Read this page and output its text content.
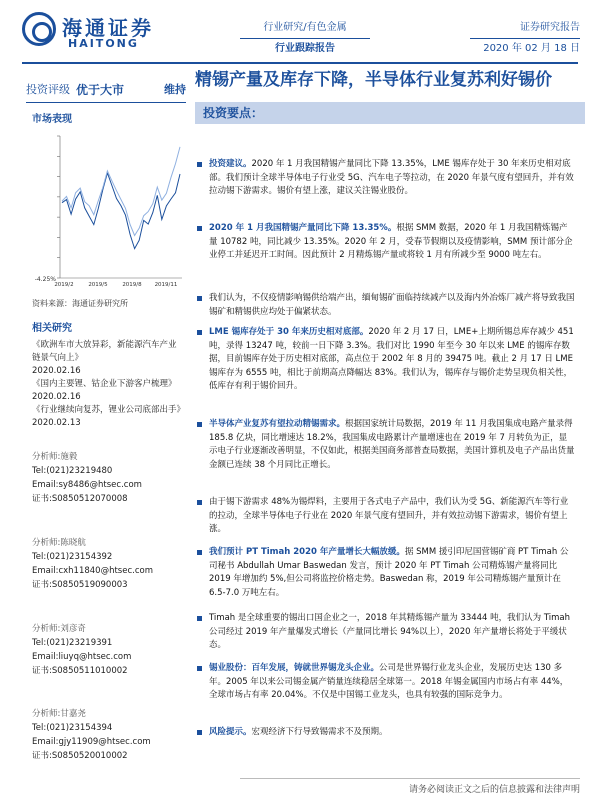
海通证券
HAITONG
行业研究/有色金属
行业跟踪报告
证券研究报告
2020 年 02 月 18 日
投资评级 优于大市	维持
市场表现
-4.25%
2019/2	2019/5	2019/8 2019/11
资料来源：海通证券研究所
相关研究
《欧洲车市大放异彩，新能源汽车产业链景气向上》
2020.02.16
《国内主要锂、钴企业下游客户梳理》
2020.02.16
《行业继续向复苏，锂业公司底部出手》
2020.02.13
分析师:施毅
Tel:(021)23219480
Email:sy8486@htsec.com
证书:S0850512070008
分析师:陈晓航
Tel:(021)23154392
Email:cxh11840@htsec.com
证书:S0850519090003
分析师:刘彦奇
Tel:(021)23219391
Email:liuyq@htsec.com
证书:S0850511010002
分析师:甘嘉尧
Tel:(021)23154394
Email:gjy11909@htsec.com
证书:S0850520010002
精锡产量及库存下降，半导体行业复苏利好锡价
投资要点：
投资建议。2020 年 1 月我国精锡产量同比下降 13.35%，LME 锡库存处于 30 年来历史相对底部。我们预计全球半导体电子行业受 5G、汽车电子等拉动，在 2020 年景气度有望回升，并有效拉动锡下游需求。锡价有望上涨，建议关注锡业股份。
2020 年 1 月我国精锡产量同比下降 13.35%。根据 SMM 数据，2020 年 1 月我国精炼锡产量 10782 吨，同比减少 13.35%。2020 年 2 月，受春节假期以及疫情影响，SMM 预计部分企业停工并延迟开工时间。因此预计 2 月精炼锡产量或将较 1 月有所减少至 9000 吨左右。
我们认为，不仅疫情影响锡供给端产出，缅甸锡矿面临持续减产以及海内外冶炼厂减产将导致我国锡矿和精锡供应均处于偏紧状态。
LME 锡库存处于 30 年来历史相对底部。2020 年 2 月 17 日，LME+上期所锡总库存减少 451 吨，录得 13247 吨，较前一日下降 3.3%。我们对比 1990 年至今 30 年以来 LME 的锡库存数据，目前锡库存处于历史相对底部，高点位于 2002 年 8 月的 39475 吨。截止 2 月 17 日 LME 锡库存为 6555 吨，相比于前期高点降幅达 83%。我们认为，锡库存与锡价走势呈现负相关性，低库存有利于锡价回升。
半导体产业复苏有望拉动精锡需求。根据国家统计局数据，2019 年 11 月我国集成电路产量录得 185.8 亿块，同比增速达 18.2%，我国集成电路累计产量增速也在 2019 年 7 月转负为正，显示电子行业逐渐改善明显，不仅如此，根据美国商务部普查局数据，美国计算机及电子产品出货量金额已连续 38 个月同比正增长。
由于锡下游需求 48%为锡焊料，主要用于各式电子产品中，我们认为受 5G、新能源汽车等行业的拉动，全球半导体电子行业在 2020 年景气度有望回升，并有效拉动锡下游需求，锡价有望上涨。
我们预计 PT Timah 2020 年产量增长大幅放缓。据 SMM 援引印尼国营锡矿商 PT Timah 公司秘书 Abdullah Umar Baswedan 发言，预计 2020 年 PT Timah 公司精炼锡产量将同比 2019 年增加约 5%,但公司将监控价格走势。Baswedan 称，2019 年公司精炼锡产量预计在 6.5-7.0 万吨左右。
Timah 是全球重要的锡出口国企业之一，2018 年其精炼锡产量为 33444 吨，我们认为 Timah 公司经过 2019 年产量爆发式增长（产量同比增长 94%以上），2020 年产量增长将处于平缓状态。
锡业股份：百年发展，铸就世界锡龙头企业。公司是世界锡行业龙头企业，发展历史达 130 多年。2005 年以来公司锡金属产销量连续稳居全球第一。2018 年锡金属国内市场占有率 44%，全球市场占有率 20.04%。不仅是中国锡工业龙头，也具有较强的国际竞争力。
风险提示。宏观经济下行导致锡需求不及预期。
请务必阅读正文之后的信息披露和法律声明
